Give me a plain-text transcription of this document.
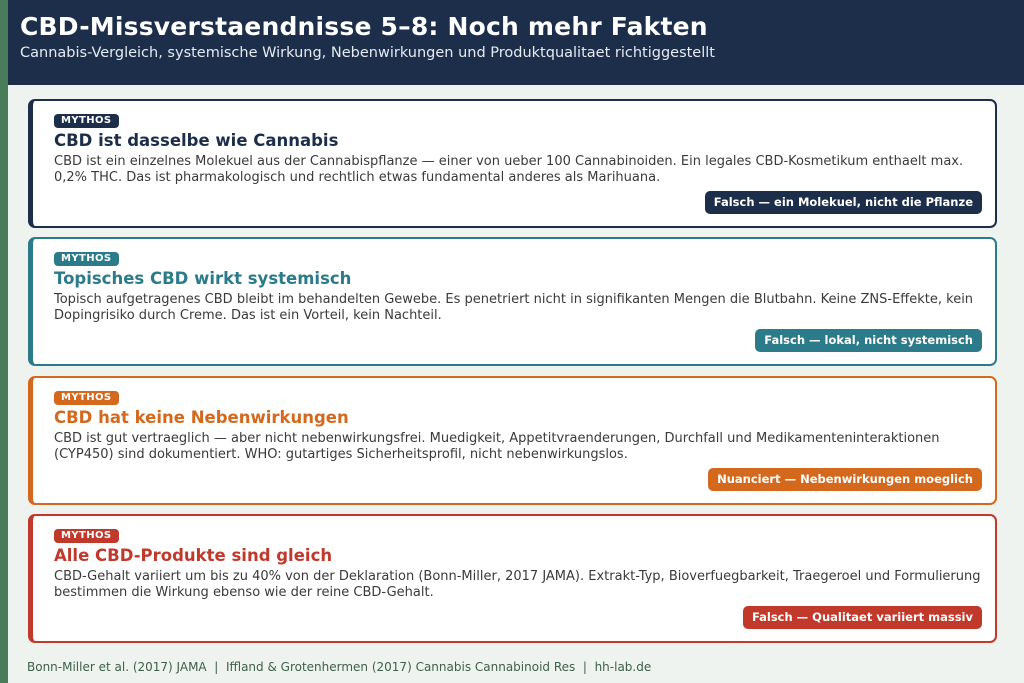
CBD-Missverstaendnisse 5–8: Noch mehr Fakten
Cannabis-Vergleich, systemische Wirkung, Nebenwirkungen und Produktqualitaet richtiggestellt
MYTHOS
CBD ist dasselbe wie Cannabis
CBD ist ein einzelnes Molekuel aus der Cannabispflanze — einer von ueber 100 Cannabinoiden. Ein legales CBD-Kosmetikum enthaelt max. 0,2% THC. Das ist pharmakologisch und rechtlich etwas fundamental anderes als Marihuana.
Falsch — ein Molekuel, nicht die Pflanze
MYTHOS
Topisches CBD wirkt systemisch
Topisch aufgetragenes CBD bleibt im behandelten Gewebe. Es penetriert nicht in signifikanten Mengen die Blutbahn. Keine ZNS-Effekte, kein Dopingrisiko durch Creme. Das ist ein Vorteil, kein Nachteil.
Falsch — lokal, nicht systemisch
MYTHOS
CBD hat keine Nebenwirkungen
CBD ist gut vertraeglich — aber nicht nebenwirkungsfrei. Muedigkeit, Appetitvraenderungen, Durchfall und Medikamenteninteraktionen (CYP450) sind dokumentiert. WHO: gutartiges Sicherheitsprofil, nicht nebenwirkungslos.
Nuanciert — Nebenwirkungen moeglich
MYTHOS
Alle CBD-Produkte sind gleich
CBD-Gehalt variiert um bis zu 40% von der Deklaration (Bonn-Miller, 2017 JAMA). Extrakt-Typ, Bioverfuegbarkeit, Traegeroel und Formulierung bestimmen die Wirkung ebenso wie der reine CBD-Gehalt.
Falsch — Qualitaet variiert massiv
Bonn-Miller et al. (2017) JAMA  |  Iffland & Grotenhermen (2017) Cannabis Cannabinoid Res  |  hh-lab.de
